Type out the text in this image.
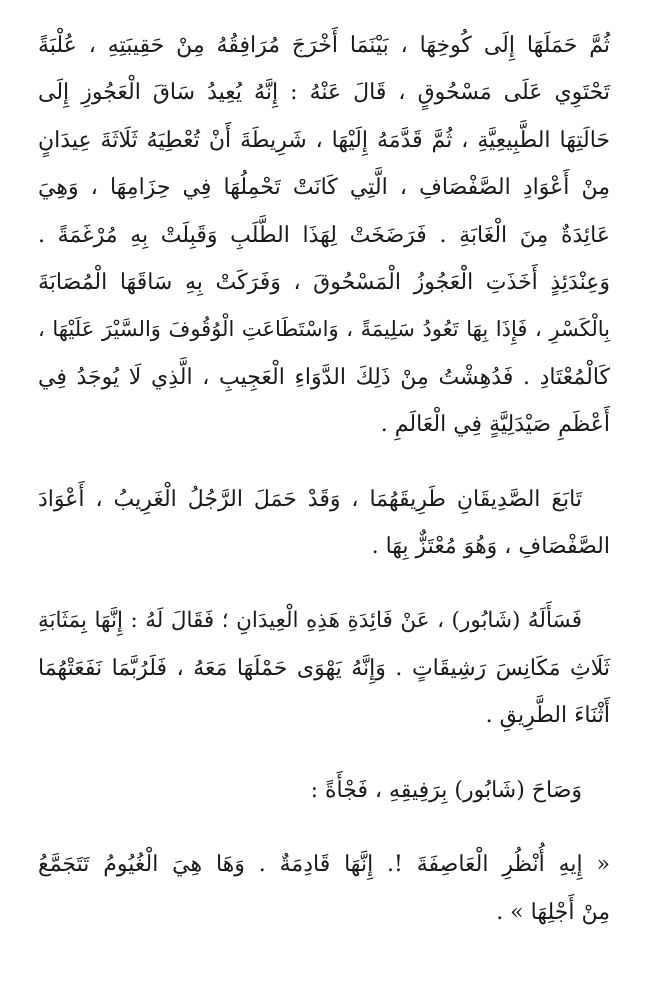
ثُمَّ حَمَلَهَا إِلَى كُوخِهَا ، بَيْنَمَا أَخْرَجَ مُرَافِقُهُ مِنْ حَقِيبَتِهِ ، عُلْبَةً
تَحْتَوِي عَلَى مَسْحُوقٍ ، قَالَ عَنْهُ : إِنَّهُ يُعِيدُ سَاقَ الْعَجُوزِ إِلَى
حَالَتِهَا الطَّبِيعِيَّةِ ، ثُمَّ قَدَّمَهُ إِلَيْهَا ، شَرِيطَةَ أَنْ تُعْطِيَهُ ثَلَاثَةَ عِيدَانٍ
مِنْ أَعْوَادِ الصَّفْصَافِ ، الَّتِي كَانَتْ تَحْمِلُهَا فِي حِزَامِهَا ، وَهِيَ
عَائِدَةٌ مِنَ الْغَابَةِ . فَرَضَخَتْ لِهَذَا الطَّلَبِ وَقَبِلَتْ بِهِ مُرْغَمَةً .
وَعِنْدَئِذٍ أَخَذَتِ الْعَجُوزُ الْمَسْحُوقَ ، وَفَرَكَتْ بِهِ سَاقَهَا الْمُصَابَةَ
بِالْكَسْرِ ، فَإِذَا بِهَا تَعُودُ سَلِيمَةً ، وَاسْتَطَاعَتِ الْوُقُوفَ وَالسَّيْرَ عَلَيْهَا ،
كَالْمُعْتَادِ . فَدُهِشْتُ مِنْ ذَلِكَ الدَّوَاءِ الْعَجِيبِ ، الَّذِي لَا يُوجَدُ فِي
أَعْظَمِ صَيْدَلِيَّةٍ فِي الْعَالَمِ .
تَابَعَ الصَّدِيقَانِ طَرِيقَهُمَا ، وَقَدْ حَمَلَ الرَّجُلُ الْغَرِيبُ ، أَعْوَادَ
الصَّفْصَافِ ، وَهُوَ مُعْتَزٌّ بِهَا .
فَسَأَلَهُ (شَابُور) ، عَنْ فَائِدَةِ هَذِهِ الْعِيدَانِ ؛ فَقَالَ لَهُ : إِنَّهَا بِمَثَابَةِ
ثَلَاثِ مَكَانِسَ رَشِيقَاتٍ . وَإِنَّهُ يَهْوَى حَمْلَهَا مَعَهُ ، فَلَرُبَّمَا نَفَعَتْهُمَا
أَثْنَاءَ الطَّرِيقِ .
وَصَاحَ (شَابُور) بِرَفِيقِهِ ، فَجْأَةً :
« إِيهِ أُنْظُرِ الْعَاصِفَةَ !. إِنَّهَا قَادِمَةٌ . وَهَا هِيَ الْغُيُومُ تَتَجَمَّعُ
مِنْ أَجْلِهَا » .
